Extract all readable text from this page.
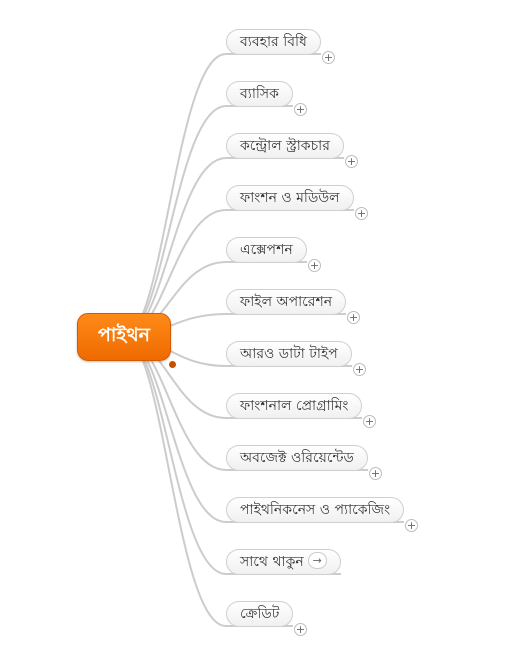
পাইথন
ব্যবহার বিধি
+
ব্যাসিক
+
কন্ট্রোল স্ট্রাকচার
+
ফাংশন ও মডিউল
+
এক্সেপশন
+
ফাইল অপারেশন
+
আরও ডাটা টাইপ
+
ফাংশনাল প্রোগ্রামিং
+
অবজেক্ট ওরিয়েন্টেড
+
পাইথনিকনেস ও প্যাকেজিং
+
সাথে থাকুন →
ক্রেডিট
+
